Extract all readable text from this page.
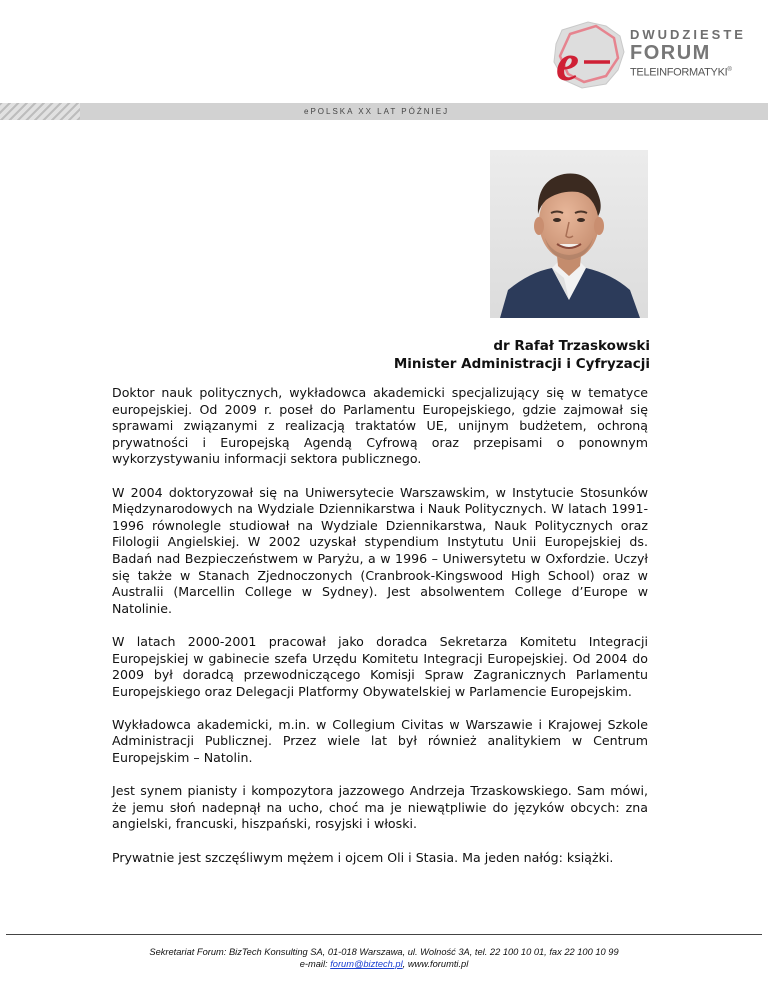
e
DWUDZIESTE
FORUM
TELEINFORMATYKI®
ePOLSKA XX LAT PÓŹNIEJ
dr Rafał Trzaskowski
Minister Administracji i Cyfryzacji

Doktor nauk politycznych, wykładowca akademicki specjalizujący się w tematyce europejskiej. Od 2009 r. poseł do Parlamentu Europejskiego, gdzie zajmował się sprawami związanymi z realizacją traktatów UE, unijnym budżetem, ochroną prywatności i Europejską Agendą Cyfrową oraz przepisami o ponownym wykorzystywaniu informacji sektora publicznego.

W 2004 doktoryzował się na Uniwersytecie Warszawskim, w Instytucie Stosunków Międzynarodowych na Wydziale Dziennikarstwa i Nauk Politycznych. W latach 1991-1996 równolegle studiował na Wydziale Dziennikarstwa, Nauk Politycznych oraz Filologii Angielskiej. W 2002 uzyskał stypendium Instytutu Unii Europejskiej ds. Badań nad Bezpieczeństwem w Paryżu, a w 1996 – Uniwersytetu w Oxfordzie. Uczył się także w Stanach Zjednoczonych (Cranbrook-Kingswood High School) oraz w Australii (Marcellin College w Sydney). Jest absolwentem College d’Europe w Natolinie.

W latach 2000-2001 pracował jako doradca Sekretarza Komitetu Integracji Europejskiej w gabinecie szefa Urzędu Komitetu Integracji Europejskiej. Od 2004 do 2009 był doradcą przewodniczącego Komisji Spraw Zagranicznych Parlamentu Europejskiego oraz Delegacji Platformy Obywatelskiej w Parlamencie Europejskim.

Wykładowca akademicki, m.in. w Collegium Civitas w Warszawie i Krajowej Szkole Administracji Publicznej. Przez wiele lat był również analitykiem w Centrum Europejskim – Natolin.

Jest synem pianisty i kompozytora jazzowego Andrzeja Trzaskowskiego. Sam mówi, że jemu słoń nadepnął na ucho, choć ma je niewątpliwie do języków obcych: zna angielski, francuski, hiszpański, rosyjski i włoski.

Prywatnie jest szczęśliwym mężem i ojcem Oli i Stasia. Ma jeden nałóg: książki.

Sekretariat Forum: BizTech Konsulting SA, 01-018 Warszawa, ul. Wolność 3A, tel. 22 100 10 01, fax 22 100 10 99
e-mail: forum@biztech.pl, www.forumti.pl
